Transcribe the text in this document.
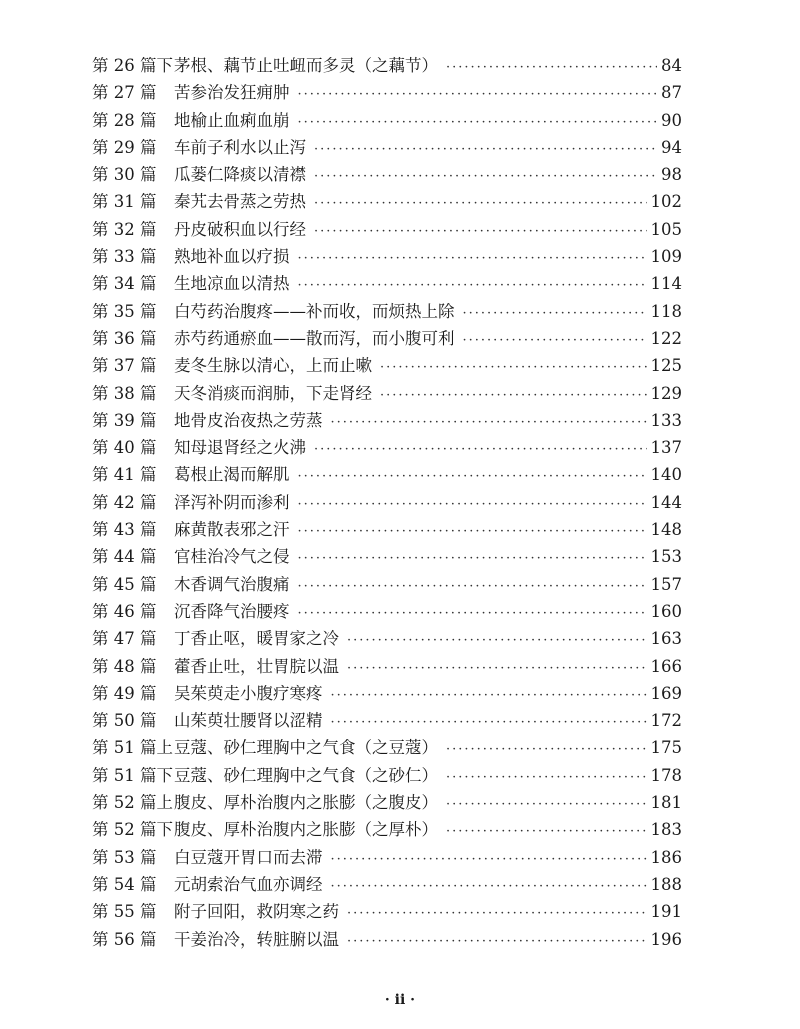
第 26 篇下 茅根、藕节止吐衄而多灵（之藕节） ·····	84
第 27 篇	苦参治发狂痈肿 ·····	87
第 28 篇	地榆止血痢血崩 ·····	90
第 29 篇	车前子利水以止泻 ·····	94
第 30 篇	瓜蒌仁降痰以清襟 ·····	98
第 31 篇	秦艽去骨蒸之劳热 ·····	102
第 32 篇	丹皮破积血以行经 ·····	105
第 33 篇	熟地补血以疗损 ·····	109
第 34 篇	生地凉血以清热 ·····	114
第 35 篇	白芍药治腹疼——补而收，而烦热上除 ·····	118
第 36 篇	赤芍药通瘀血——散而泻，而小腹可利 ·····	122
第 37 篇	麦冬生脉以清心，上而止嗽 ·····	125
第 38 篇	天冬消痰而润肺，下走肾经 ·····	129
第 39 篇	地骨皮治夜热之劳蒸 ·····	133
第 40 篇	知母退肾经之火沸 ·····	137
第 41 篇	葛根止渴而解肌 ·····	140
第 42 篇	泽泻补阴而渗利 ·····	144
第 43 篇	麻黄散表邪之汗 ·····	148
第 44 篇	官桂治冷气之侵 ·····	153
第 45 篇	木香调气治腹痛 ·····	157
第 46 篇	沉香降气治腰疼 ·····	160
第 47 篇	丁香止呕，暖胃家之冷 ·····	163
第 48 篇	藿香止吐，壮胃脘以温 ·····	166
第 49 篇	吴茱萸走小腹疗寒疼 ·····	169
第 50 篇	山茱萸壮腰肾以涩精 ·····	172
第 51 篇上 豆蔻、砂仁理胸中之气食（之豆蔻） ·····	175
第 51 篇下 豆蔻、砂仁理胸中之气食（之砂仁） ·····	178
第 52 篇上 腹皮、厚朴治腹内之胀膨（之腹皮） ·····	181
第 52 篇下 腹皮、厚朴治腹内之胀膨（之厚朴） ·····	183
第 53 篇	白豆蔻开胃口而去滞 ·····	186
第 54 篇	元胡索治气血亦调经 ·····	188
第 55 篇	附子回阳，救阴寒之药 ·····	191
第 56 篇	干姜治冷，转脏腑以温 ·····	196
· ii ·
